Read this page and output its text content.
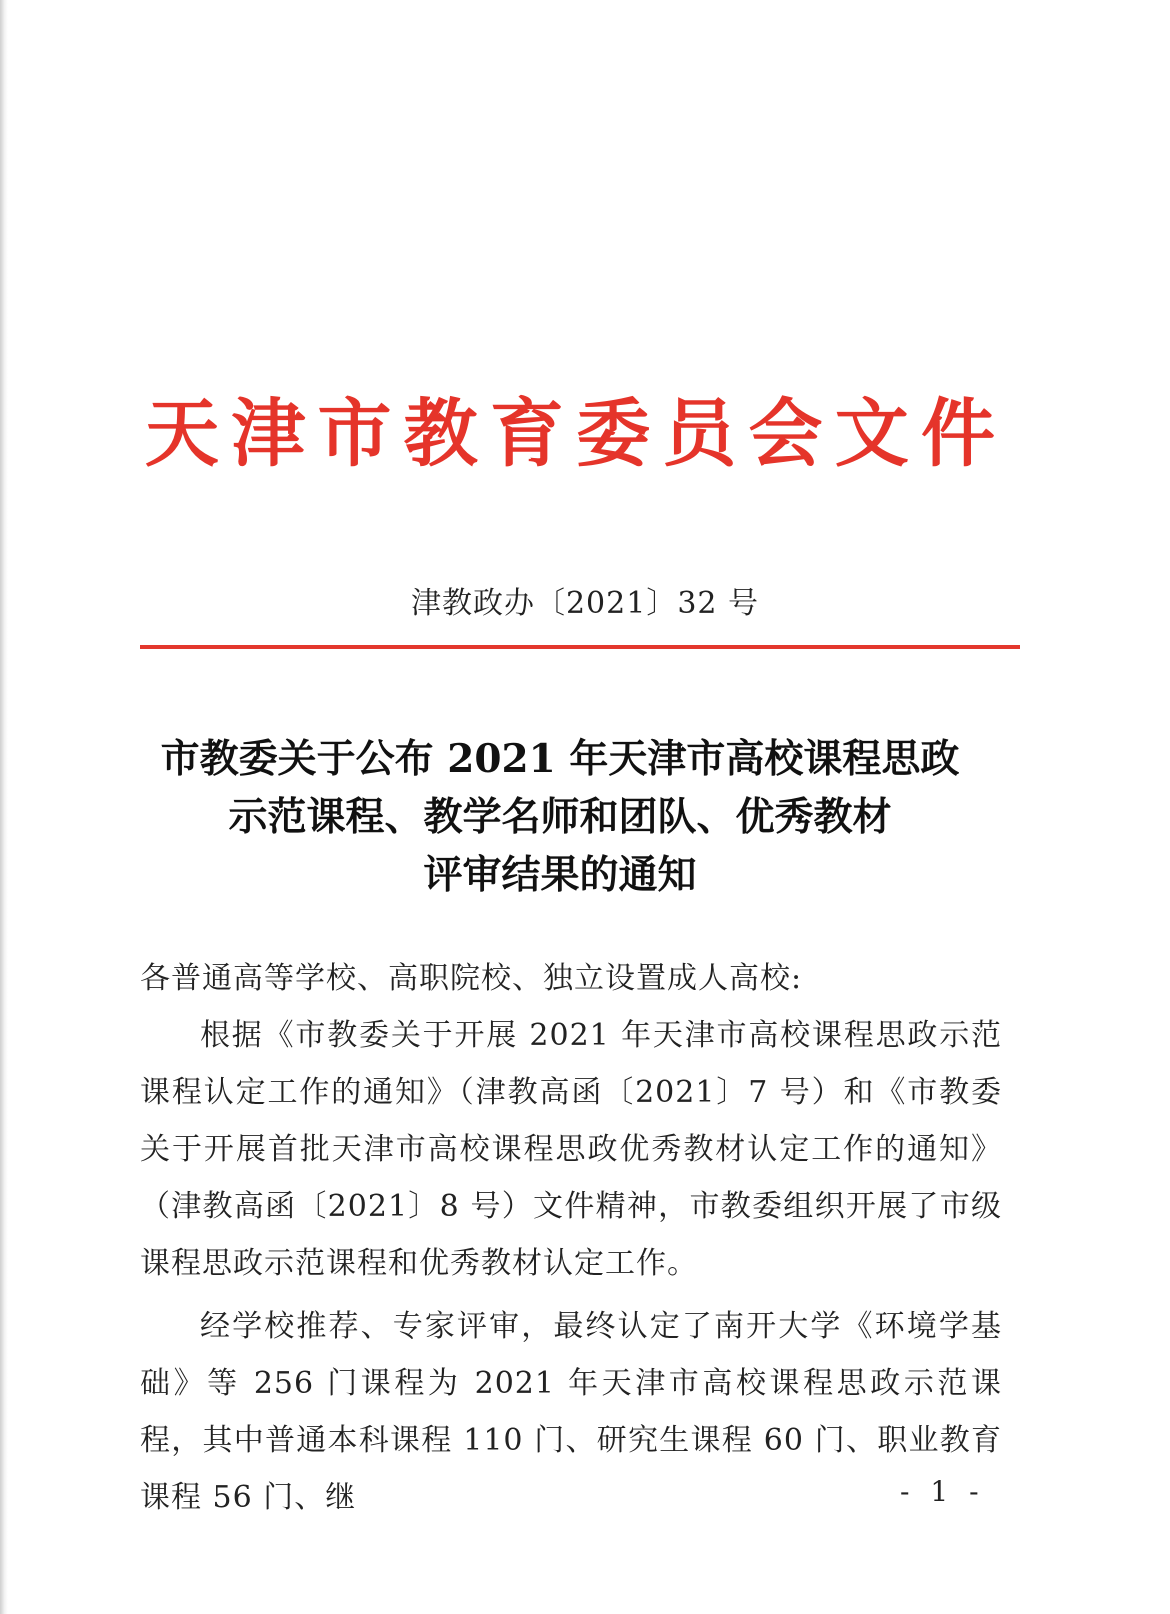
天 津 市 教 育 委 员 会 文 件
津教政办〔2021〕32 号
市教委关于公布 2021 年天津市高校课程思政
示范课程、教学名师和团队、优秀教材
评审结果的通知

各普通高等学校、高职院校、独立设置成人高校:

根据《市教委关于开展 2021 年天津市高校课程思政示范课程认定工作的通知》（津教高函〔2021〕7 号）和《市教委关于开展首批天津市高校课程思政优秀教材认定工作的通知》（津教高函〔2021〕8 号）文件精神，市教委组织开展了市级课程思政示范课程和优秀教材认定工作。

经学校推荐、专家评审，最终认定了南开大学《环境学基础》等 256 门课程为 2021 年天津市高校课程思政示范课程，其中普通本科课程 110 门、研究生课程 60 门、职业教育课程 56 门、继	- 1 -
